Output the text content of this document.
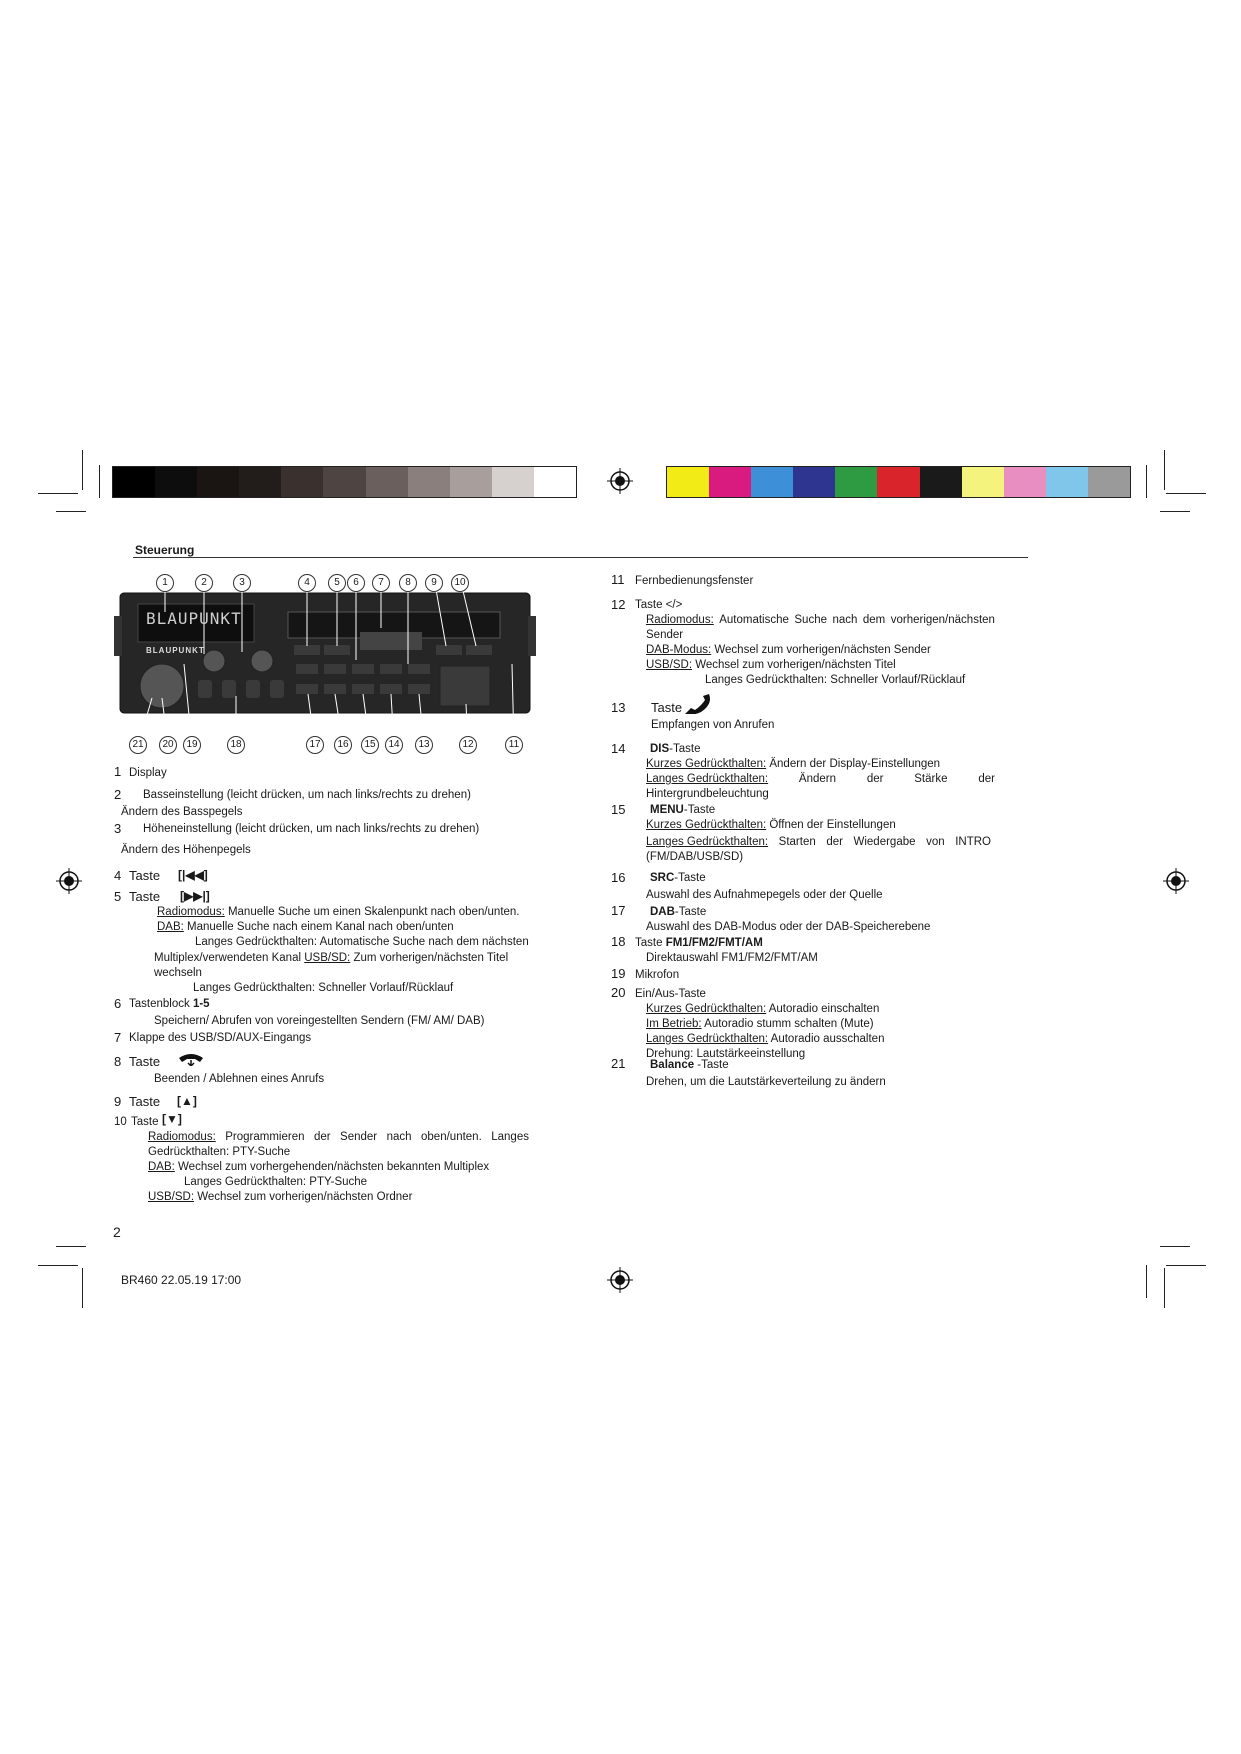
Steuerung
BLAUPUNKT
BLAUPUNKT
1	2	3	4	5	6	7	8	9	10
21	20	19	18	17	16	15	14	13	12	11
1 Display
2 Basseinstellung (leicht drücken, um nach links/rechts zu drehen)
Ändern des Basspegels
3 Höheneinstellung (leicht drücken, um nach links/rechts zu drehen)
Ändern des Höhenpegels
4 Taste [|◀◀]
5 Taste [▶▶|]
Radiomodus: Manuelle Suche um einen Skalenpunkt nach oben/unten.
DAB: Manuelle Suche nach einem Kanal nach oben/unten
Langes Gedrückthalten: Automatische Suche nach dem nächsten
Multiplex/verwendeten Kanal USB/SD: Zum vorherigen/nächsten Titel
wechseln
Langes Gedrückthalten: Schneller Vorlauf/Rücklauf
6 Tastenblock 1-5
Speichern/ Abrufen von voreingestellten Sendern (FM/ AM/ DAB)
7 Klappe des USB/SD/AUX-Eingangs
8 Taste
Beenden / Ablehnen eines Anrufs
9 Taste [▲]
10 Taste [▼]
Radiomodus: Programmieren der Sender nach oben/unten. Langes
Gedrückthalten: PTY-Suche
DAB: Wechsel zum vorhergehenden/nächsten bekannten Multiplex
Langes Gedrückthalten: PTY-Suche
USB/SD: Wechsel zum vorherigen/nächsten Ordner
11 Fernbedienungsfenster
12 Taste </>
Radiomodus: Automatische Suche nach dem vorherigen/nächsten
Sender
DAB-Modus: Wechsel zum vorherigen/nächsten Sender
USB/SD: Wechsel zum vorherigen/nächsten Titel
Langes Gedrückthalten: Schneller Vorlauf/Rücklauf
13 Taste
Empfangen von Anrufen
14 DIS-Taste
Kurzes Gedrückthalten: Ändern der Display-Einstellungen
Langes Gedrückthalten:	Ändern	der	Stärke	der
Hintergrundbeleuchtung
15 MENU-Taste
Kurzes Gedrückthalten: Öffnen der Einstellungen
Langes Gedrückthalten: Starten der Wiedergabe von INTRO
(FM/DAB/USB/SD)
16 SRC-Taste
Auswahl des Aufnahmepegels oder der Quelle
17 DAB-Taste
Auswahl des DAB-Modus oder der DAB-Speicherebene
18 Taste FM1/FM2/FMT/AM
Direktauswahl FM1/FM2/FMT/AM
19 Mikrofon
20 Ein/Aus-Taste
Kurzes Gedrückthalten: Autoradio einschalten
Im Betrieb: Autoradio stumm schalten (Mute)
Langes Gedrückthalten: Autoradio ausschalten
Drehung: Lautstärkeeinstellung
21 Balance -Taste
Drehen, um die Lautstärkeverteilung zu ändern
2
BR460 22.05.19 17:00
